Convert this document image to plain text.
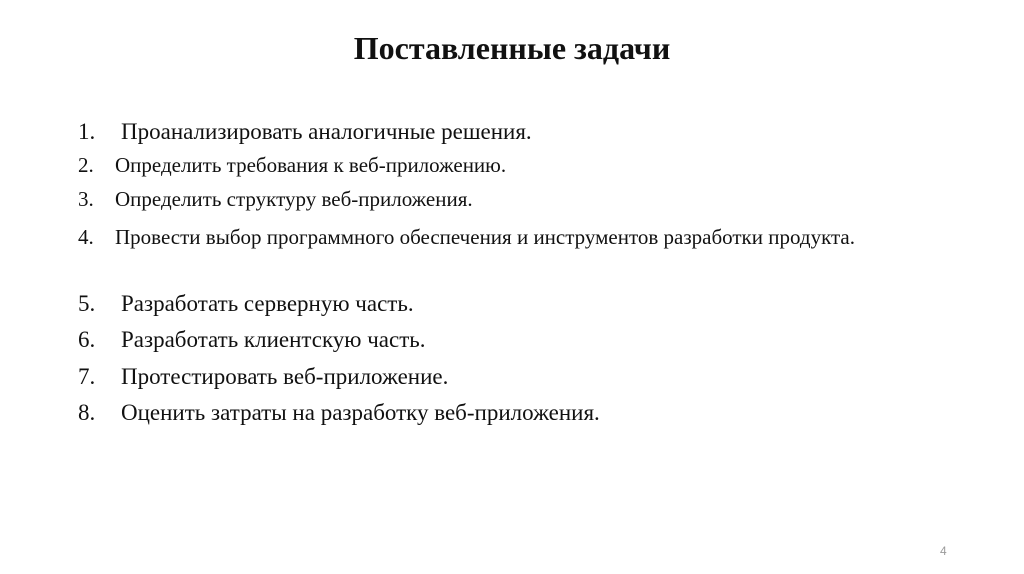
Поставленные задачи
1. Проанализировать аналогичные решения.
2. Определить требования к веб-приложению.
3. Определить структуру веб-приложения.
4. Провести выбор программного обеспечения и инструментов разработки продукта.
5. Разработать серверную часть.
6. Разработать клиентскую часть.
7. Протестировать веб-приложение.
8. Оценить затраты на разработку веб-приложения.
4
